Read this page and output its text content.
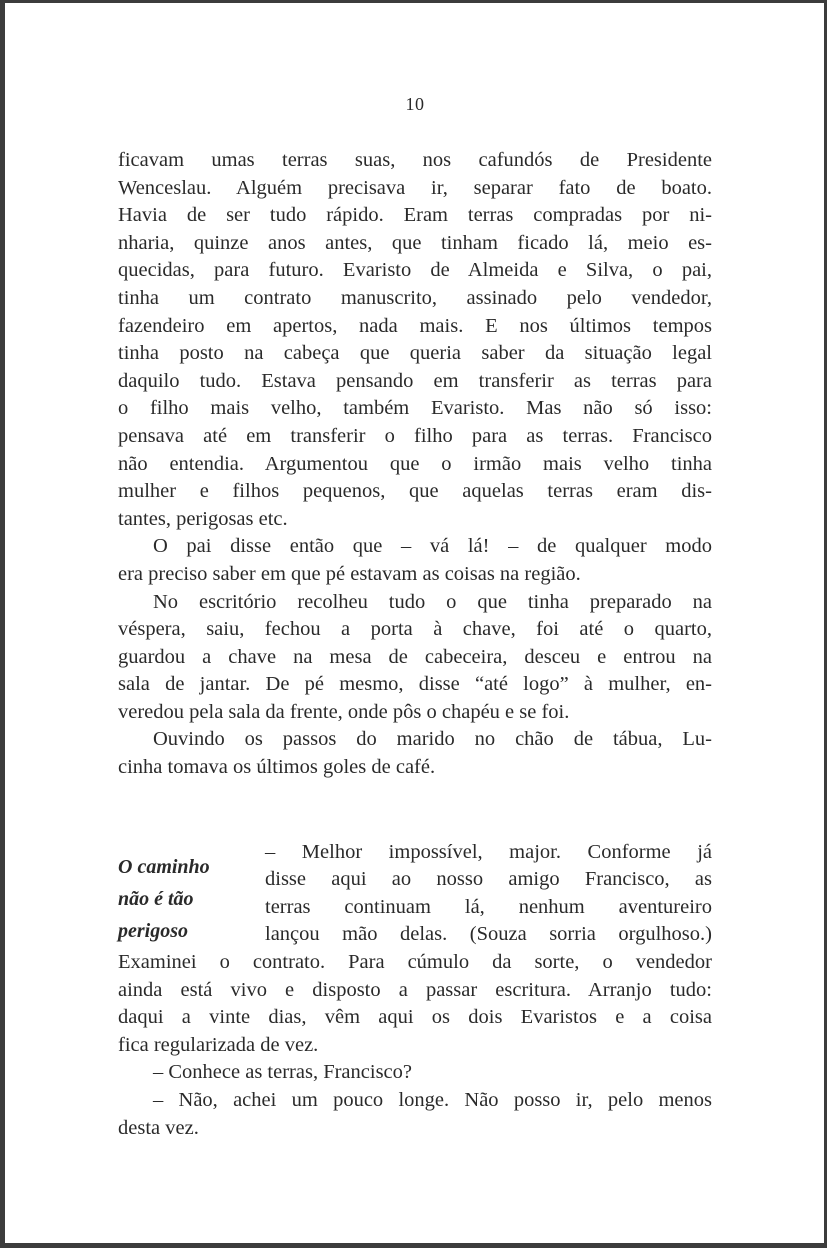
10
ficavam umas terras suas, nos cafundós de Presidente
Wenceslau. Alguém precisava ir, separar fato de boato.
Havia de ser tudo rápido. Eram terras compradas por ni-
nharia, quinze anos antes, que tinham ficado lá, meio es-
quecidas, para futuro. Evaristo de Almeida e Silva, o pai,
tinha um contrato manuscrito, assinado pelo vendedor,
fazendeiro em apertos, nada mais. E nos últimos tempos
tinha posto na cabeça que queria saber da situação legal
daquilo tudo. Estava pensando em transferir as terras para
o filho mais velho, também Evaristo. Mas não só isso:
pensava até em transferir o filho para as terras. Francisco
não entendia. Argumentou que o irmão mais velho tinha
mulher e filhos pequenos, que aquelas terras eram dis-
tantes, perigosas etc.
O pai disse então que – vá lá! – de qualquer modo
era preciso saber em que pé estavam as coisas na região.
No escritório recolheu tudo o que tinha preparado na
véspera, saiu, fechou a porta à chave, foi até o quarto,
guardou a chave na mesa de cabeceira, desceu e entrou na
sala de jantar. De pé mesmo, disse “até logo” à mulher, en-
veredou pela sala da frente, onde pôs o chapéu e se foi.
Ouvindo os passos do marido no chão de tábua, Lu-
cinha tomava os últimos goles de café.
O caminho
não é tão
perigoso
– Melhor impossível, major. Conforme já
disse aqui ao nosso amigo Francisco, as
terras continuam lá, nenhum aventureiro
lançou mão delas. (Souza sorria orgulhoso.)
Examinei o contrato. Para cúmulo da sorte, o vendedor
ainda está vivo e disposto a passar escritura. Arranjo tudo:
daqui a vinte dias, vêm aqui os dois Evaristos e a coisa
fica regularizada de vez.
– Conhece as terras, Francisco?
– Não, achei um pouco longe. Não posso ir, pelo menos
desta vez.
